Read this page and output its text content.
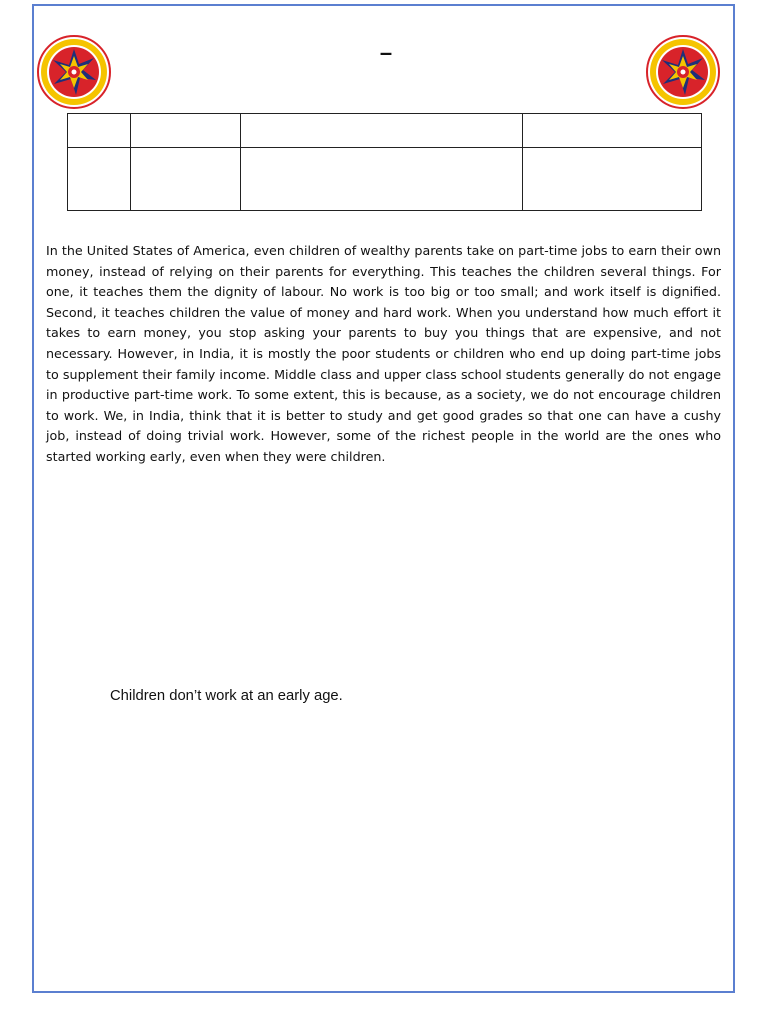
–

In the United States of America, even children of wealthy parents take on part-time jobs to earn their own money, instead of relying on their parents for everything. This teaches the children several things. For one, it teaches them the dignity of labour. No work is too big or too small; and work itself is dignified. Second, it teaches children the value of money and hard work. When you understand how much effort it takes to earn money, you stop asking your parents to buy you things that are expensive, and not necessary. However, in India, it is mostly the poor students or children who end up doing part-time jobs to supplement their family income. Middle class and upper class school students generally do not engage in productive part-time work. To some extent, this is because, as a society, we do not encourage children to work. We, in India, think that it is better to study and get good grades so that one can have a cushy job, instead of doing trivial work. However, some of the richest people in the world are the ones who started working early, even when they were children.

Children don’t work at an early age.
